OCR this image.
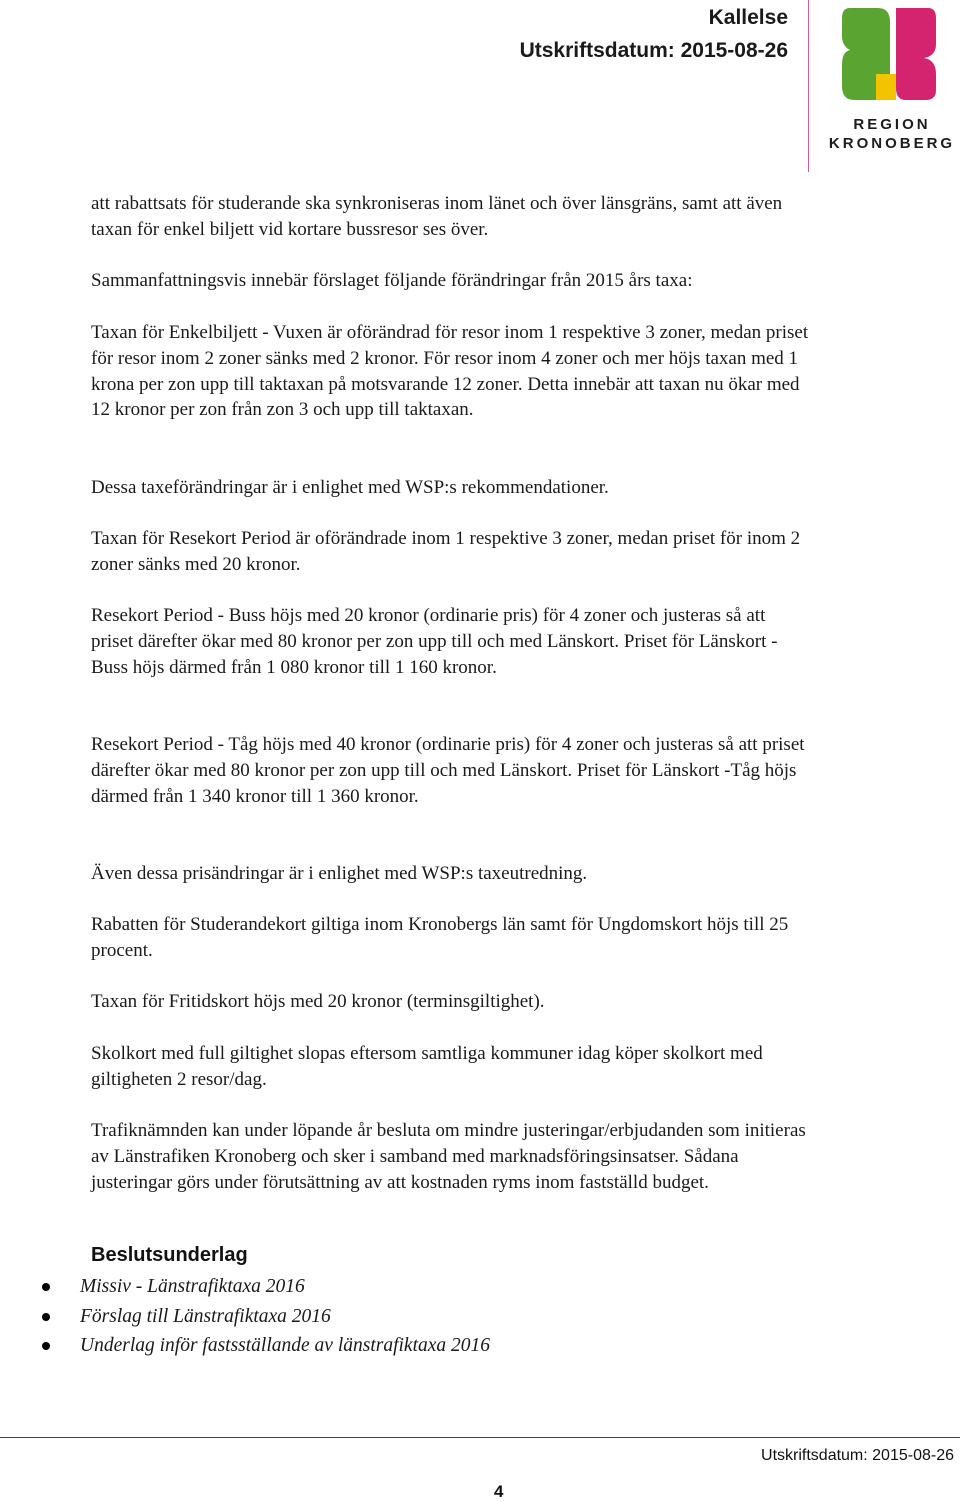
Kallelse
Utskriftsdatum: 2015-08-26
REGION
KRONOBERG

att rabattsats för studerande ska synkroniseras inom länet och över länsgräns, samt att även taxan för enkel biljett vid kortare bussresor ses över.

Sammanfattningsvis innebär förslaget följande förändringar från 2015 års taxa:

Taxan för Enkelbiljett - Vuxen är oförändrad för resor inom 1 respektive 3 zoner, medan priset för resor inom 2 zoner sänks med 2 kronor. För resor inom 4 zoner och mer höjs taxan med 1 krona per zon upp till taktaxan på motsvarande 12 zoner. Detta innebär att taxan nu ökar med 12 kronor per zon från zon 3 och upp till taktaxan.

Dessa taxeförändringar är i enlighet med WSP:s rekommendationer.

Taxan för Resekort Period är oförändrade inom 1 respektive 3 zoner, medan priset för inom 2 zoner sänks med 20 kronor.

Resekort Period - Buss höjs med 20 kronor (ordinarie pris) för 4 zoner och justeras så att priset därefter ökar med 80 kronor per zon upp till och med Länskort. Priset för Länskort -Buss höjs därmed från 1 080 kronor till 1 160 kronor.

Resekort Period - Tåg höjs med 40 kronor (ordinarie pris) för 4 zoner och justeras så att priset därefter ökar med 80 kronor per zon upp till och med Länskort. Priset för Länskort -Tåg höjs därmed från 1 340 kronor till 1 360 kronor.

Även dessa prisändringar är i enlighet med WSP:s taxeutredning.

Rabatten för Studerandekort giltiga inom Kronobergs län samt för Ungdomskort höjs till 25 procent.

Taxan för Fritidskort höjs med 20 kronor (terminsgiltighet).

Skolkort med full giltighet slopas eftersom samtliga kommuner idag köper skolkort med giltigheten 2 resor/dag.

Trafiknämnden kan under löpande år besluta om mindre justeringar/erbjudanden som initieras av Länstrafiken Kronoberg och sker i samband med marknadsföringsinsatser. Sådana justeringar görs under förutsättning av att kostnaden ryms inom fastställd budget.

Beslutsunderlag
Missiv - Länstrafiktaxa 2016
Förslag till Länstrafiktaxa 2016
Underlag inför fastsställande av länstrafiktaxa 2016
Utskriftsdatum: 2015-08-26
4
